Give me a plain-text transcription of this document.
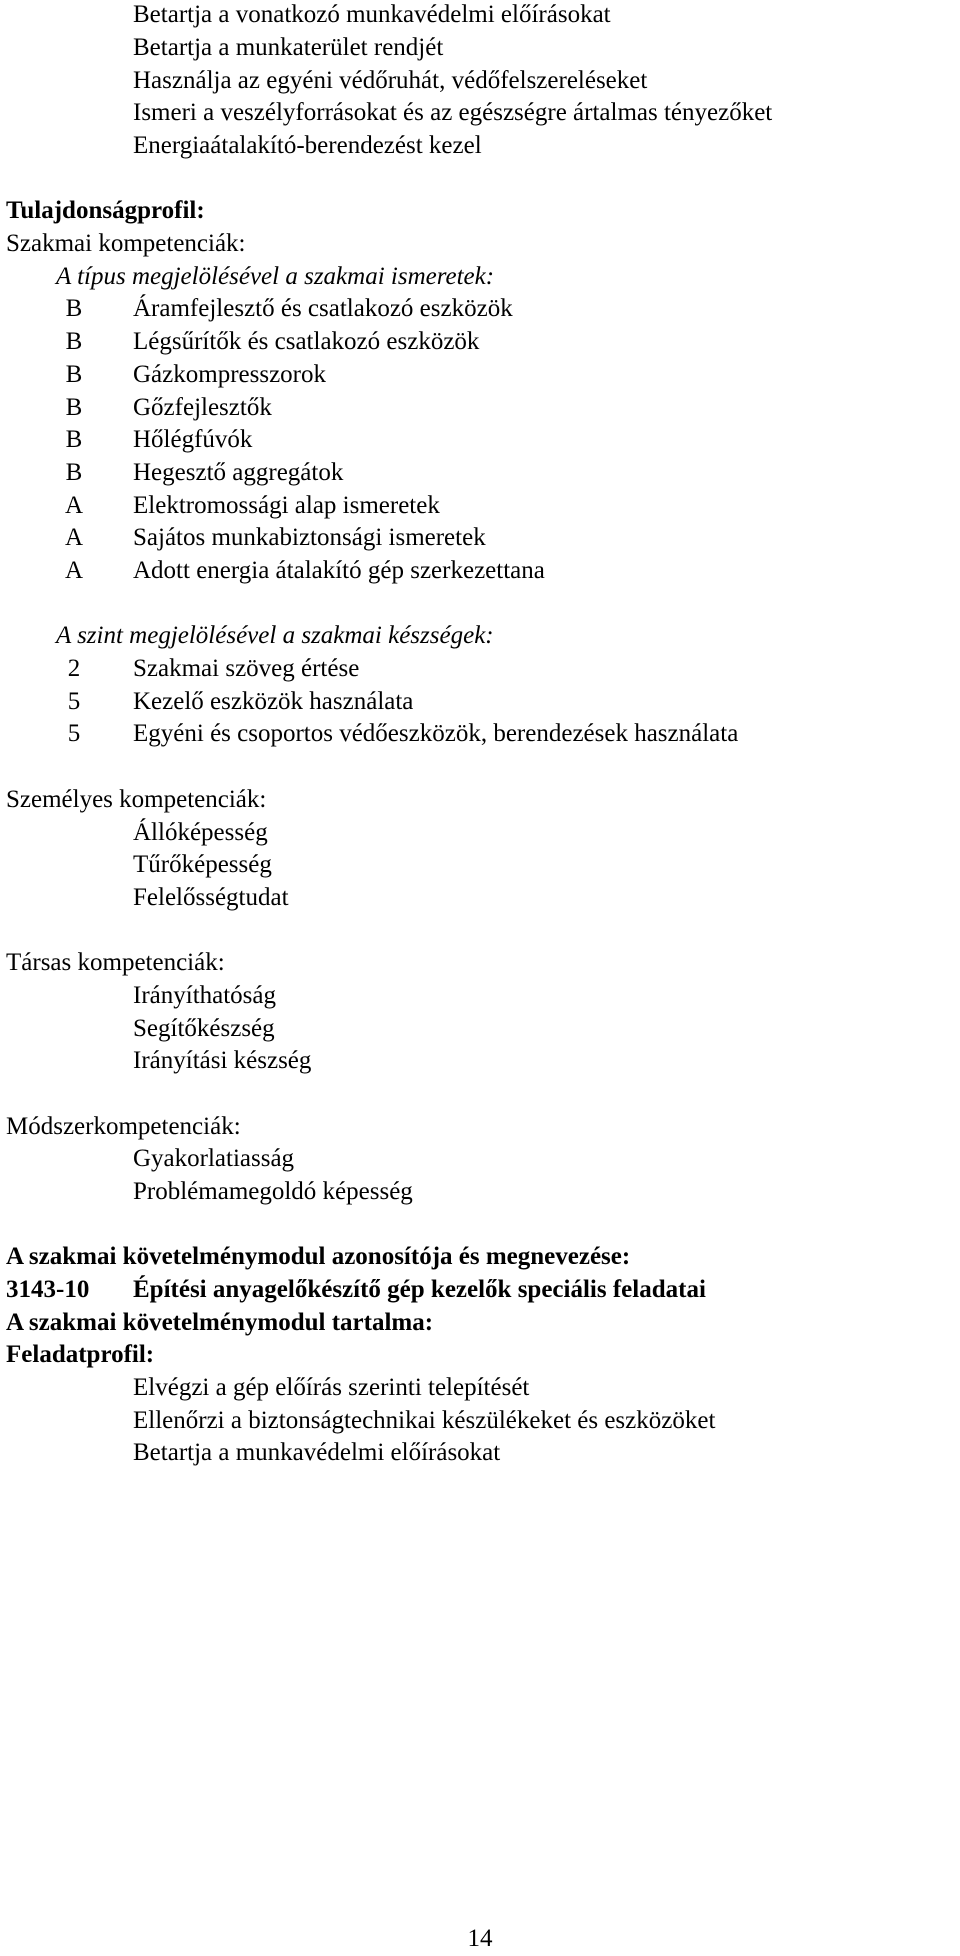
Betartja a vonatkozó munkavédelmi előírásokat
Betartja a munkaterület rendjét
Használja az egyéni védőruhát, védőfelszereléseket
Ismeri a veszélyforrásokat és az egészségre ártalmas tényezőket
Energiaátalakító-berendezést kezel
Tulajdonságprofil:
Szakmai kompetenciák:
A típus megjelölésével a szakmai ismeretek:
B	Áramfejlesztő és csatlakozó eszközök
B	Légsűrítők és csatlakozó eszközök
B	Gázkompresszorok
B	Gőzfejlesztők
B	Hőlégfúvók
B	Hegesztő aggregátok
A	Elektromossági alap ismeretek
A	Sajátos munkabiztonsági ismeretek
A	Adott energia átalakító gép szerkezettana
A szint megjelölésével a szakmai készségek:
2	Szakmai szöveg értése
5	Kezelő eszközök használata
5	Egyéni és csoportos védőeszközök, berendezések használata
Személyes kompetenciák:
Állóképesség
Tűrőképesség
Felelősségtudat
Társas kompetenciák:
Irányíthatóság
Segítőkészség
Irányítási készség
Módszerkompetenciák:
Gyakorlatiasság
Problémamegoldó képesség
A szakmai követelménymodul azonosítója és megnevezése:
3143-10 Építési anyagelőkészítő gép kezelők speciális feladatai
A szakmai követelménymodul tartalma:
Feladatprofil:
Elvégzi a gép előírás szerinti telepítését
Ellenőrzi a biztonságtechnikai készülékeket és eszközöket
Betartja a munkavédelmi előírásokat
14
